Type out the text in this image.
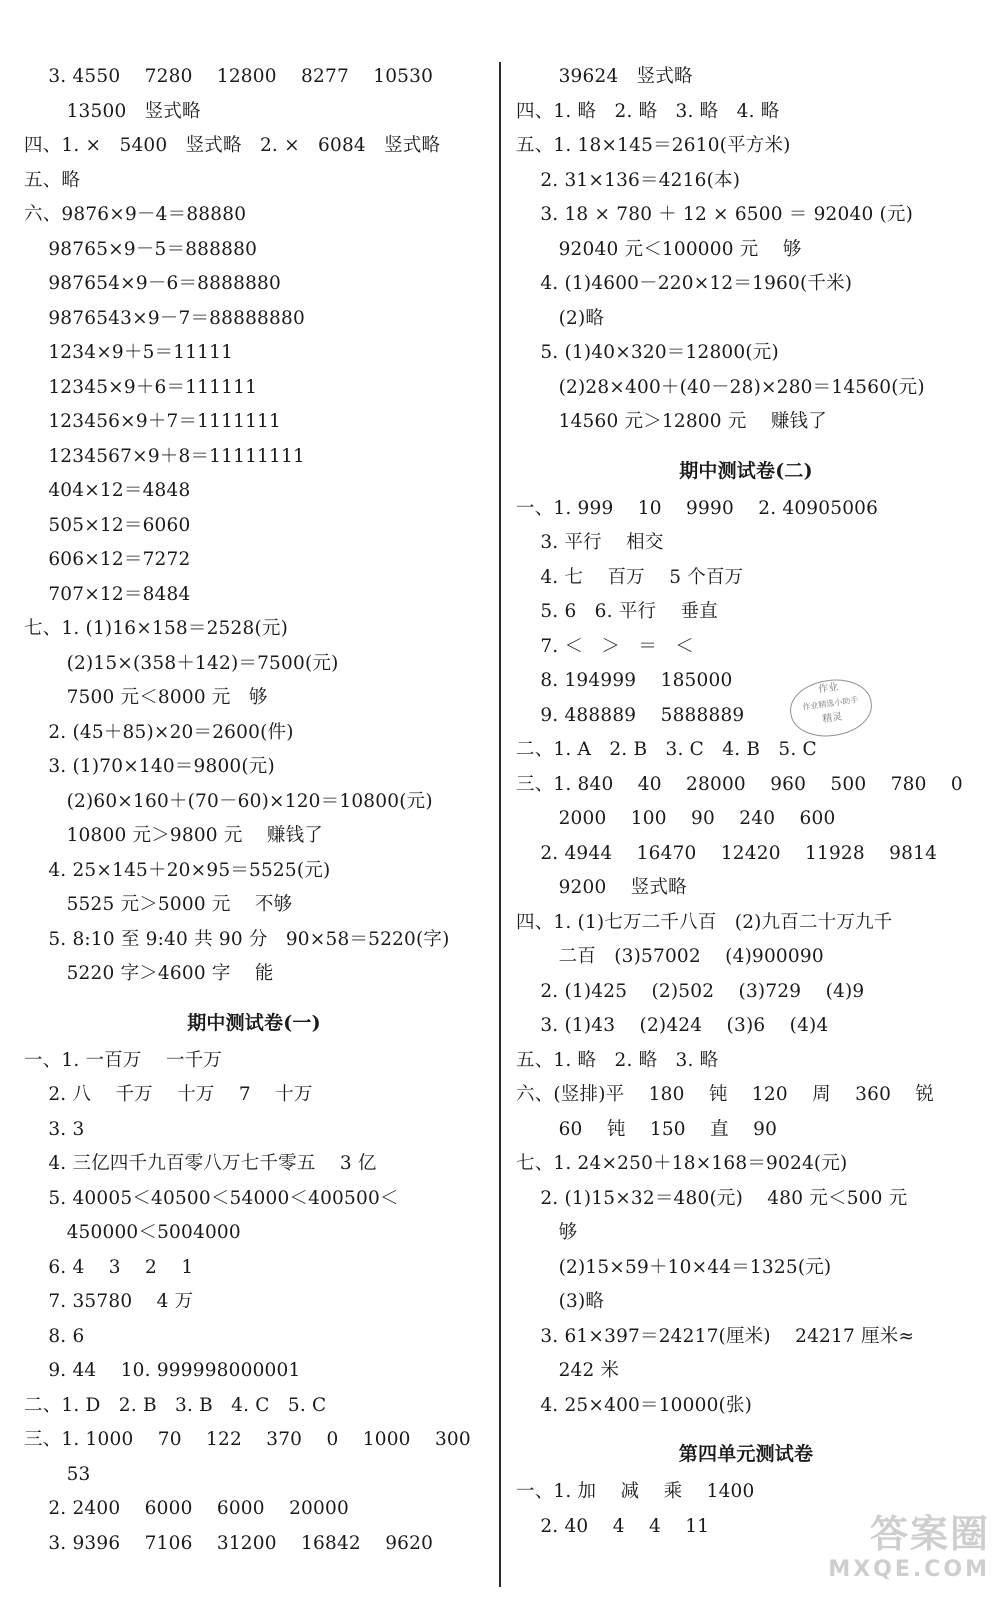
3. 4550    7280    12800    8277    10530
13500   竖式略
四、1. ×   5400   竖式略   2. ×   6084   竖式略
五、略
六、9876×9－4＝88880
98765×9－5＝888880
987654×9－6＝8888880
9876543×9－7＝88888880
1234×9＋5＝11111
12345×9＋6＝111111
123456×9＋7＝1111111
1234567×9＋8＝11111111
404×12＝4848
505×12＝6060
606×12＝7272
707×12＝8484
七、1. (1)16×158＝2528(元)
(2)15×(358＋142)＝7500(元)
7500 元＜8000 元   够
2. (45＋85)×20＝2600(件)
3. (1)70×140＝9800(元)
(2)60×160＋(70－60)×120＝10800(元)
10800 元＞9800 元    赚钱了
4. 25×145＋20×95＝5525(元)
5525 元＞5000 元    不够
5. 8:10 至 9:40 共 90 分   90×58＝5220(字)
5220 字＞4600 字    能
期中测试卷(一)
一、1. 一百万    一千万
2. 八    千万    十万    7    十万
3. 3
4. 三亿四千九百零八万七千零五    3 亿
5. 40005＜40500＜54000＜400500＜
450000＜5004000
6. 4    3    2    1
7. 35780    4 万
8. 6
9. 44    10. 999998000001
二、1. D   2. B   3. B   4. C   5. C
三、1. 1000    70    122    370    0    1000    300
53
2. 2400    6000    6000    20000
3. 9396    7106    31200    16842    9620
39624   竖式略
四、1. 略   2. 略   3. 略   4. 略
五、1. 18×145＝2610(平方米)
2. 31×136＝4216(本)
3. 18 × 780 ＋ 12 × 6500 ＝ 92040 (元)
92040 元＜100000 元    够
4. (1)4600－220×12＝1960(千米)
(2)略
5. (1)40×320＝12800(元)
(2)28×400＋(40－28)×280＝14560(元)
14560 元＞12800 元    赚钱了
期中测试卷(二)
一、1. 999    10    9990    2. 40905006
3. 平行    相交
4. 七    百万    5 个百万
5. 6   6. 平行    垂直
7. ＜   ＞   ＝   ＜
8. 194999    185000
9. 488889    5888889
二、1. A   2. B   3. C   4. B   5. C
三、1. 840    40    28000    960    500    780    0
2000    100    90    240    600
2. 4944    16470    12420    11928    9814
9200    竖式略
四、1. (1)七万二千八百   (2)九百二十万九千
二百   (3)57002    (4)900090
2. (1)425    (2)502    (3)729    (4)9
3. (1)43    (2)424    (3)6    (4)4
五、1. 略   2. 略   3. 略
六、(竖排)平    180    钝    120    周    360    锐
60    钝    150    直    90
七、1. 24×250＋18×168＝9024(元)
2. (1)15×32＝480(元)    480 元＜500 元
够
(2)15×59＋10×44＝1325(元)
(3)略
3. 61×397＝24217(厘米)    24217 厘米≈
242 米
4. 25×400＝10000(张)
第四单元测试卷
一、1. 加    减    乘    1400
2. 40    4    4    11
作业
作业精选小助手
精灵
答案圈
MXQE.COM
